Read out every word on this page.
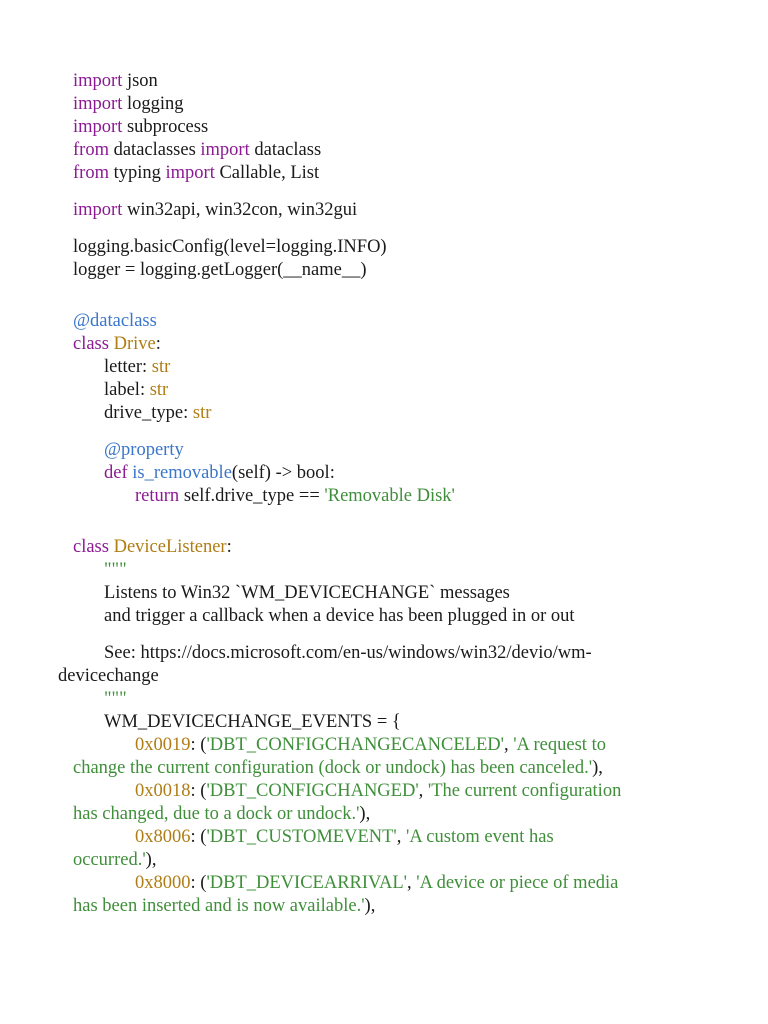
import json
import logging
import subprocess
from dataclasses import dataclass
from typing import Callable, List
import win32api, win32con, win32gui
logging.basicConfig(level=logging.INFO)
logger = logging.getLogger(__name__)
@dataclass
class Drive:
letter: str
label: str
drive_type: str
@property
def is_removable(self) -> bool:
return self.drive_type == 'Removable Disk'
class DeviceListener:
"""
Listens to Win32 `WM_DEVICECHANGE` messages
and trigger a callback when a device has been plugged in or out
See: https://docs.microsoft.com/en-us/windows/win32/devio/wm-
devicechange
"""
WM_DEVICECHANGE_EVENTS = {
0x0019: ('DBT_CONFIGCHANGECANCELED', 'A request to
change the current configuration (dock or undock) has been canceled.'),
0x0018: ('DBT_CONFIGCHANGED', 'The current configuration
has changed, due to a dock or undock.'),
0x8006: ('DBT_CUSTOMEVENT', 'A custom event has
occurred.'),
0x8000: ('DBT_DEVICEARRIVAL', 'A device or piece of media
has been inserted and is now available.'),
